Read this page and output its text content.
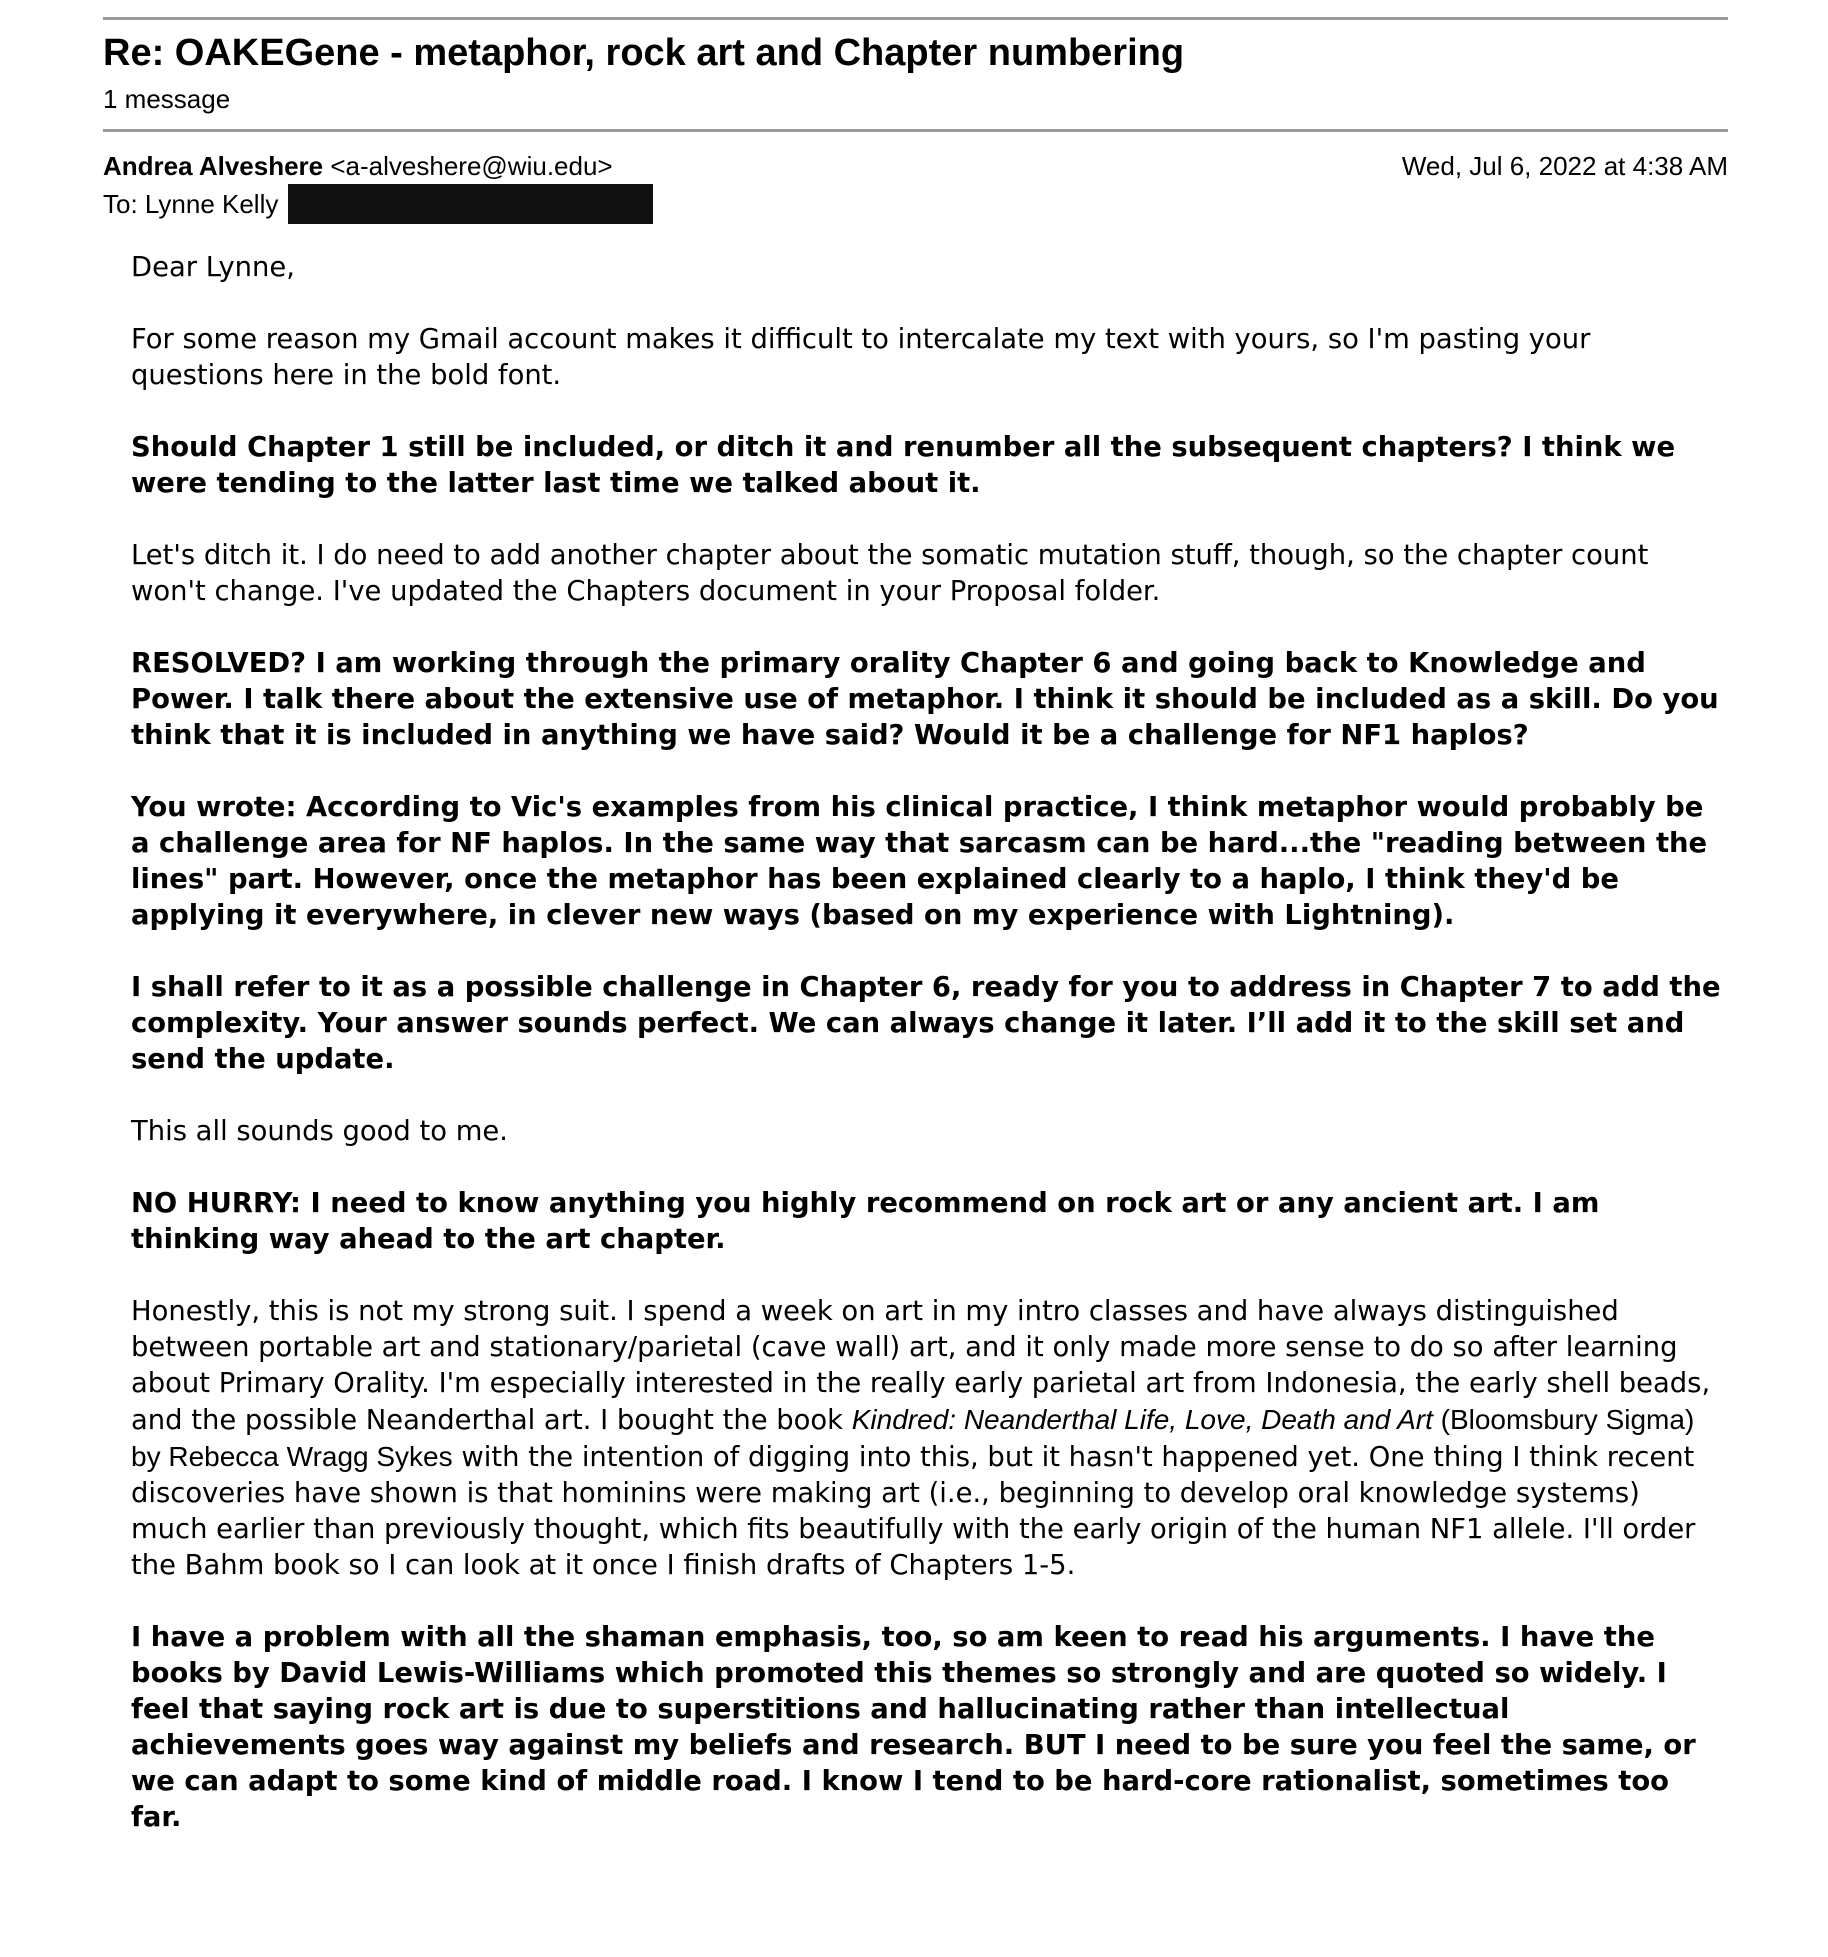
Re: OAKEGene - metaphor, rock art and Chapter numbering
1 message
Andrea Alveshere <a-alveshere@wiu.edu>	Wed, Jul 6, 2022 at 4:38 AM
To: Lynne Kelly

Dear Lynne,

For some reason my Gmail account makes it difficult to intercalate my text with yours, so I'm pasting your questions here in the bold font.

Should Chapter 1 still be included, or ditch it and renumber all the subsequent chapters? I think we were tending to the latter last time we talked about it.

Let's ditch it. I do need to add another chapter about the somatic mutation stuff, though, so the chapter count won't change. I've updated the Chapters document in your Proposal folder.

RESOLVED? I am working through the primary orality Chapter 6 and going back to Knowledge and Power. I talk there about the extensive use of metaphor. I think it should be included as a skill. Do you think that it is included in anything we have said? Would it be a challenge for NF1 haplos?

You wrote: According to Vic's examples from his clinical practice, I think metaphor would probably be a challenge area for NF haplos. In the same way that sarcasm can be hard...the "reading between the lines" part. However, once the metaphor has been explained clearly to a haplo, I think they'd be applying it everywhere, in clever new ways (based on my experience with Lightning).

I shall refer to it as a possible challenge in Chapter 6, ready for you to address in Chapter 7 to add the complexity. Your answer sounds perfect. We can always change it later. I’ll add it to the skill set and send the update.

This all sounds good to me.

NO HURRY: I need to know anything you highly recommend on rock art or any ancient art. I am thinking way ahead to the art chapter.

Honestly, this is not my strong suit. I spend a week on art in my intro classes and have always distinguished between portable art and stationary/parietal (cave wall) art, and it only made more sense to do so after learning about Primary Orality. I'm especially interested in the really early parietal art from Indonesia, the early shell beads, and the possible Neanderthal art. I bought the book Kindred: Neanderthal Life, Love, Death and Art (Bloomsbury Sigma) by Rebecca Wragg Sykes with the intention of digging into this, but it hasn't happened yet. One thing I think recent discoveries have shown is that hominins were making art (i.e., beginning to develop oral knowledge systems) much earlier than previously thought, which fits beautifully with the early origin of the human NF1 allele. I'll order the Bahm book so I can look at it once I finish drafts of Chapters 1-5.

I have a problem with all the shaman emphasis, too, so am keen to read his arguments. I have the books by David Lewis-Williams which promoted this themes so strongly and are quoted so widely. I feel that saying rock art is due to superstitions and hallucinating rather than intellectual achievements goes way against my beliefs and research. BUT I need to be sure you feel the same, or we can adapt to some kind of middle road. I know I tend to be hard-core rationalist, sometimes too far.
